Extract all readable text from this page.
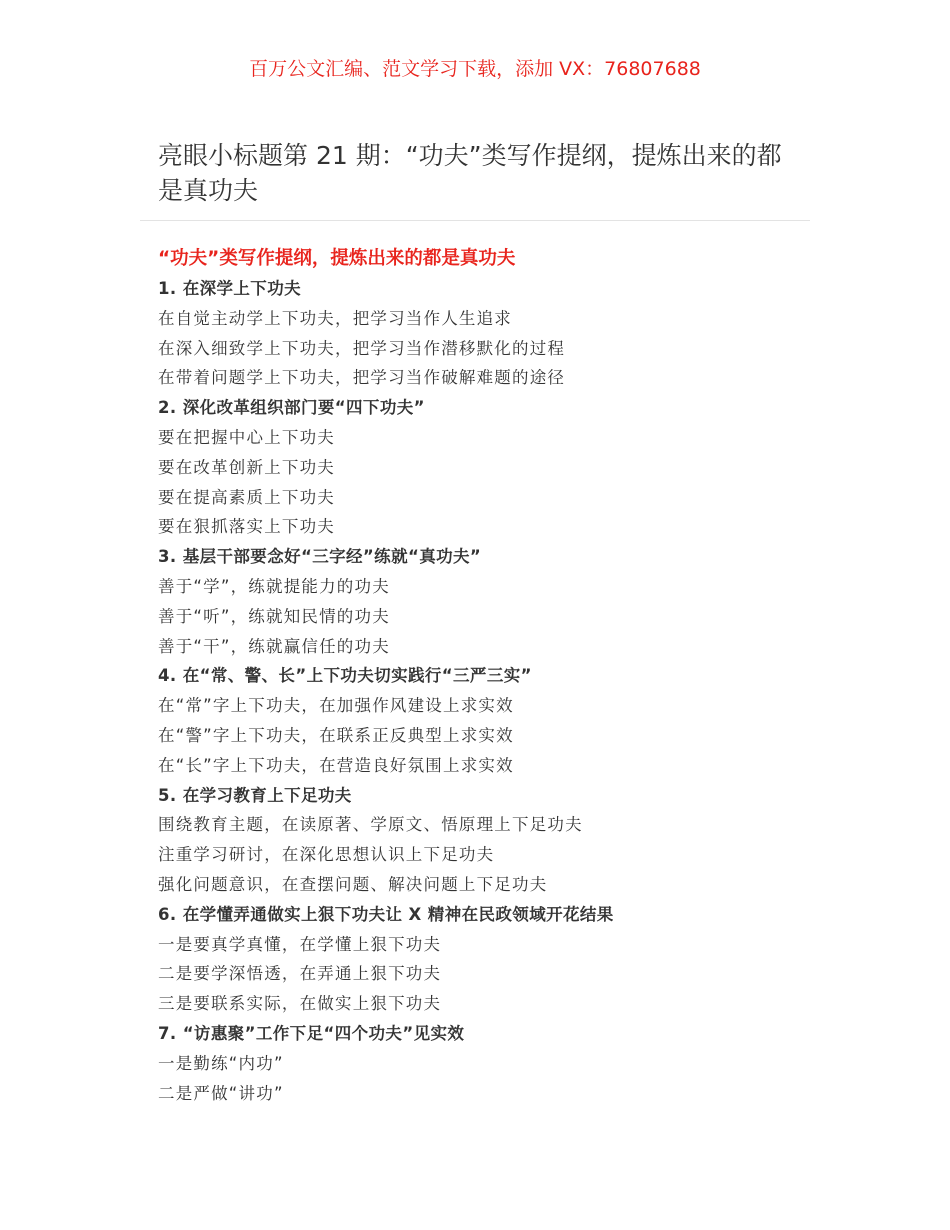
百万公文汇编、范文学习下载，添加 VX：76807688
亮眼小标题第 21 期：“功夫”类写作提纲，提炼出来的都是真功夫
“功夫”类写作提纲，提炼出来的都是真功夫
1. 在深学上下功夫
在自觉主动学上下功夫，把学习当作人生追求
在深入细致学上下功夫，把学习当作潜移默化的过程
在带着问题学上下功夫，把学习当作破解难题的途径
2. 深化改革组织部门要“四下功夫”
要在把握中心上下功夫
要在改革创新上下功夫
要在提高素质上下功夫
要在狠抓落实上下功夫
3. 基层干部要念好“三字经”练就“真功夫”
善于“学”，练就提能力的功夫
善于“听”，练就知民情的功夫
善于“干”，练就赢信任的功夫
4. 在“常、警、长”上下功夫切实践行“三严三实”
在“常”字上下功夫，在加强作风建设上求实效
在“警”字上下功夫，在联系正反典型上求实效
在“长”字上下功夫，在营造良好氛围上求实效
5. 在学习教育上下足功夫
围绕教育主题，在读原著、学原文、悟原理上下足功夫
注重学习研讨，在深化思想认识上下足功夫
强化问题意识，在查摆问题、解决问题上下足功夫
6. 在学懂弄通做实上狠下功夫让 X 精神在民政领域开花结果
一是要真学真懂，在学懂上狠下功夫
二是要学深悟透，在弄通上狠下功夫
三是要联系实际，在做实上狠下功夫
7. “访惠聚”工作下足“四个功夫”见实效
一是勤练“内功”
二是严做“讲功”
